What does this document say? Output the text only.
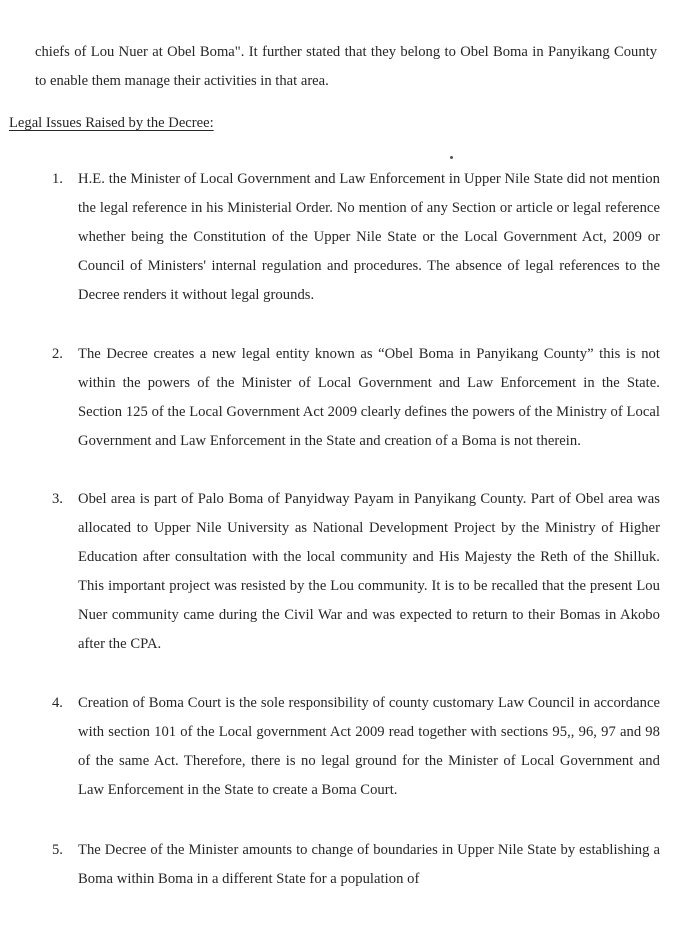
chiefs of Lou Nuer at Obel Boma". It further stated that they belong to Obel Boma in Panyikang County to enable them manage their activities in that area.
Legal Issues Raised by the Decree:
1. H.E. the Minister of Local Government and Law Enforcement in Upper Nile State did not mention the legal reference in his Ministerial Order. No mention of any Section or article or legal reference whether being the Constitution of the Upper Nile State or the Local Government Act, 2009 or Council of Ministers' internal regulation and procedures. The absence of legal references to the Decree renders it without legal grounds.
2. The Decree creates a new legal entity known as “Obel Boma in Panyikang County” this is not within the powers of the Minister of Local Government and Law Enforcement in the State. Section 125 of the Local Government Act 2009 clearly defines the powers of the Ministry of Local Government and Law Enforcement in the State and creation of a Boma is not therein.
3. Obel area is part of Palo Boma of Panyidway Payam in Panyikang County. Part of Obel area was allocated to Upper Nile University as National Development Project by the Ministry of Higher Education after consultation with the local community and His Majesty the Reth of the Shilluk. This important project was resisted by the Lou community. It is to be recalled that the present Lou Nuer community came during the Civil War and was expected to return to their Bomas in Akobo after the CPA.
4. Creation of Boma Court is the sole responsibility of county customary Law Council in accordance with section 101 of the Local government Act 2009 read together with sections 95,, 96, 97 and 98 of the same Act. Therefore, there is no legal ground for the Minister of Local Government and Law Enforcement in the State to create a Boma Court.
5. The Decree of the Minister amounts to change of boundaries in Upper Nile State by establishing a Boma within Boma in a different State for a population of
